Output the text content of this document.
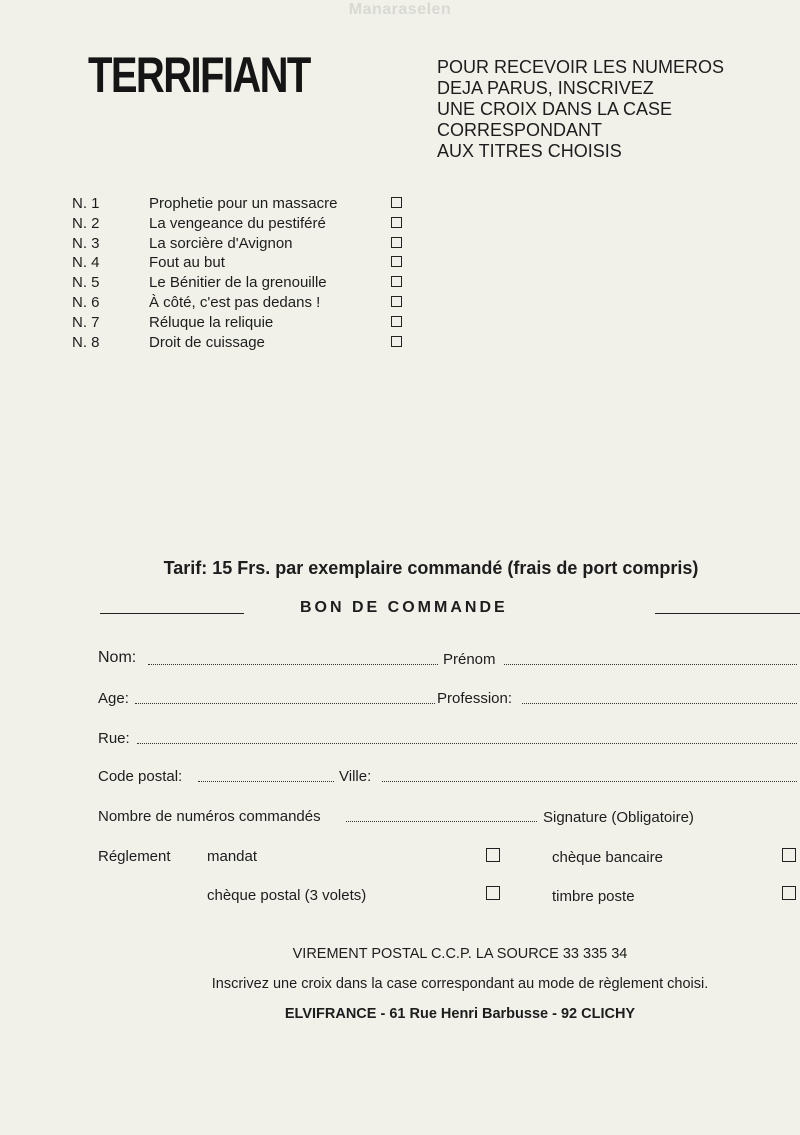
Manaraselen
TERRIFIANT	POUR RECEVOIR LES NUMEROS
DEJA PARUS, INSCRIVEZ
UNE CROIX DANS LA CASE
CORRESPONDANT
AUX TITRES CHOISIS
N. 1	Prophetie pour un massacre
N. 2	La vengeance du pestiféré
N. 3	La sorcière d'Avignon
N. 4	Fout au but
N. 5	Le Bénitier de la grenouille
N. 6	À côté, c'est pas dedans !
N. 7	Réluque la reliquie
N. 8	Droit de cuissage
Tarif: 15 Frs. par exemplaire commandé (frais de port compris)
BON DE COMMANDE
Nom:	Prénom
Age:	Profession:
Rue:
Code postal:	Ville:
Nombre de numéros commandés	Signature (Obligatoire)
Réglement mandat	chèque bancaire
chèque postal (3 volets)	timbre poste
VIREMENT POSTAL C.C.P. LA SOURCE 33 335 34
Inscrivez une croix dans la case correspondant au mode de règlement choisi.
ELVIFRANCE - 61 Rue Henri Barbusse - 92 CLICHY
